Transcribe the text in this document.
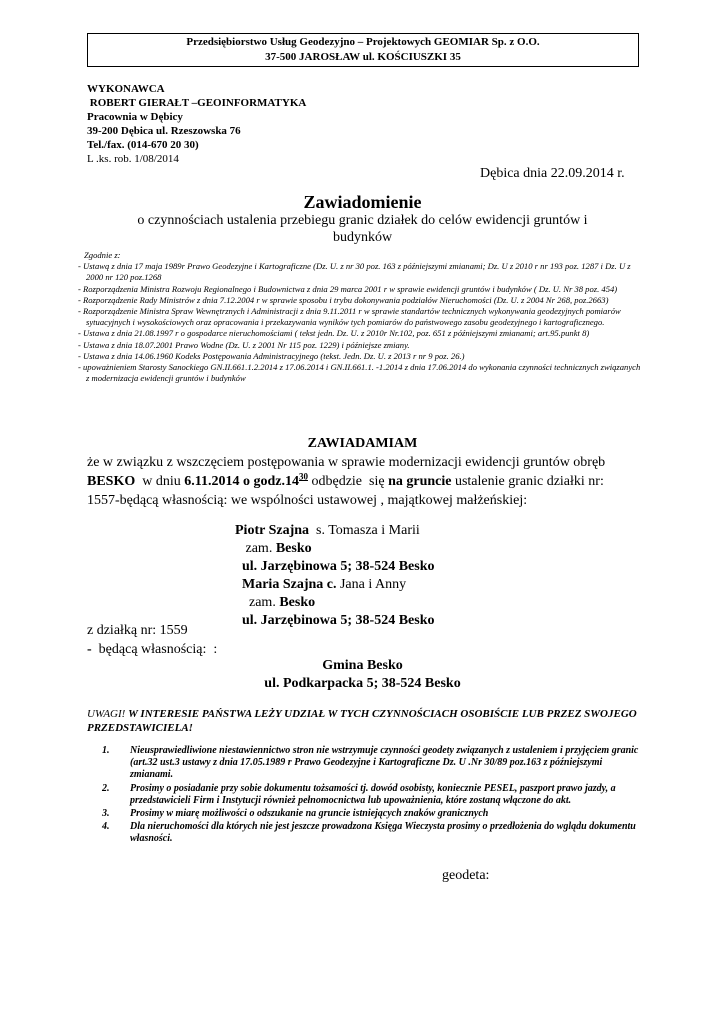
Przedsiębiorstwo Usług Geodezyjno – Projektowych GEOMIAR Sp. z O.O.
37-500 JAROSŁAW ul. KOŚCIUSZKI 35
WYKONAWCA
ROBERT GIERAŁT –GEOINFORMATYKA
Pracownia w Dębicy
39-200 Dębica ul. Rzeszowska 76
Tel./fax. (014-670 20 30)
L .ks. rob. 1/08/2014
Dębica dnia 22.09.2014 r.
Zawiadomienie
o czynnościach ustalenia przebiegu granic działek do celów ewidencji gruntów i budynków
Zgodnie z:
- Ustawą z dnia 17 maja 1989r Prawo Geodezyjne i Kartograficzne (Dz. U. z nr 30 poz. 163 z późniejszymi zmianami; Dz. U z 2010 r nr 193 poz. 1287 i Dz. U z 2000 nr 120 poz.1268
- Rozporządzenia Ministra Rozwoju Regionalnego i Budownictwa z dnia 29 marca 2001 r w sprawie ewidencji gruntów i budynków ( Dz. U. Nr 38 poz. 454)
- Rozporządzenie Rady Ministrów z dnia 7.12.2004 r w sprawie sposobu i trybu dokonywania podziałów Nieruchomości (Dz. U. z 2004 Nr 268, poz.2663)
- Rozporządzenie Ministra Spraw Wewnętrznych i Administracji z dnia 9.11.2011 r w sprawie standartów technicznych wykonywania geodezyjnych pomiarów sytuacyjnych i wysokościowych oraz opracowania i przekazywania wyników tych pomiarów do państwowego zasobu geodezyjnego i kartograficznego.
- Ustawa z dnia 21.08.1997 r o gospodarce nieruchomościami ( tekst jedn. Dz. U. z 2010r Nr.102, poz. 651 z późniejszymi zmianami; art.95.punkt 8)
- Ustawa z dnia 18.07.2001 Prawo Wodne (Dz. U. z 2001 Nr 115 poz. 1229) i późniejsze zmiany.
- Ustawa z dnia 14.06.1960 Kodeks Postępowania Administracyjnego (tekst. Jedn. Dz. U. z 2013 r nr 9 poz. 26.)
- upoważnieniem Starosty Sanockiego GN.II.661.1.2.2014 z 17.06.2014 i GN.II.661.1. -1.2014 z dnia 17.06.2014 do wykonania czynności technicznych związanych z modernizacja ewidencji gruntów i budynków
ZAWIADAMIAM
że w związku z wszczęciem postępowania w sprawie modernizacji ewidencji gruntów obręb
BESKO  w dniu 6.11.2014 o $godz.14^{30}$ odbędzie  się na gruncie ustalenie granic działki nr:
1557-będącą własnością: we wspólności ustawowej , majątkowej małżeńskiej:
Piotr Szajna  s. Tomasza i Marii
zam. Besko
ul. Jarzębinowa 5; 38-524 Besko
Maria Szajna c. Jana i Anny
zam. Besko
ul. Jarzębinowa 5; 38-524 Besko
z działką nr: 1559
-  będącą własnością:  :
Gmina Besko
ul. Podkarpacka 5; 38-524 Besko
UWAGI! W INTERESIE PAŃSTWA LEŻY UDZIAŁ W TYCH CZYNNOŚCIACH OSOBIŚCIE LUB PRZEZ SWOJEGO PRZEDSTAWICIELA!
1.	Nieusprawiedliwione niestawiennictwo stron nie wstrzymuje czynności geodety związanych z ustaleniem i przyjęciem granic (art.32 ust.3 ustawy z dnia 17.05.1989 r Prawo Geodezyjne i Kartograficzne Dz. U .Nr 30/89 poz.163 z późniejszymi zmianami.
2.	Prosimy o posiadanie przy sobie dokumentu tożsamości tj. dowód osobisty, koniecznie PESEL, paszport prawo jazdy, a przedstawicieli Firm i Instytucji również pełnomocnictwa lub upoważnienia, które zostaną włączone do akt.
3.	Prosimy w miarę możliwości o odszukanie na gruncie istniejących znaków granicznych
4.	Dla nieruchomości dla których nie jest jeszcze prowadzona Księga Wieczysta prosimy o przedłożenia do wglądu dokumentu własności.
geodeta:
